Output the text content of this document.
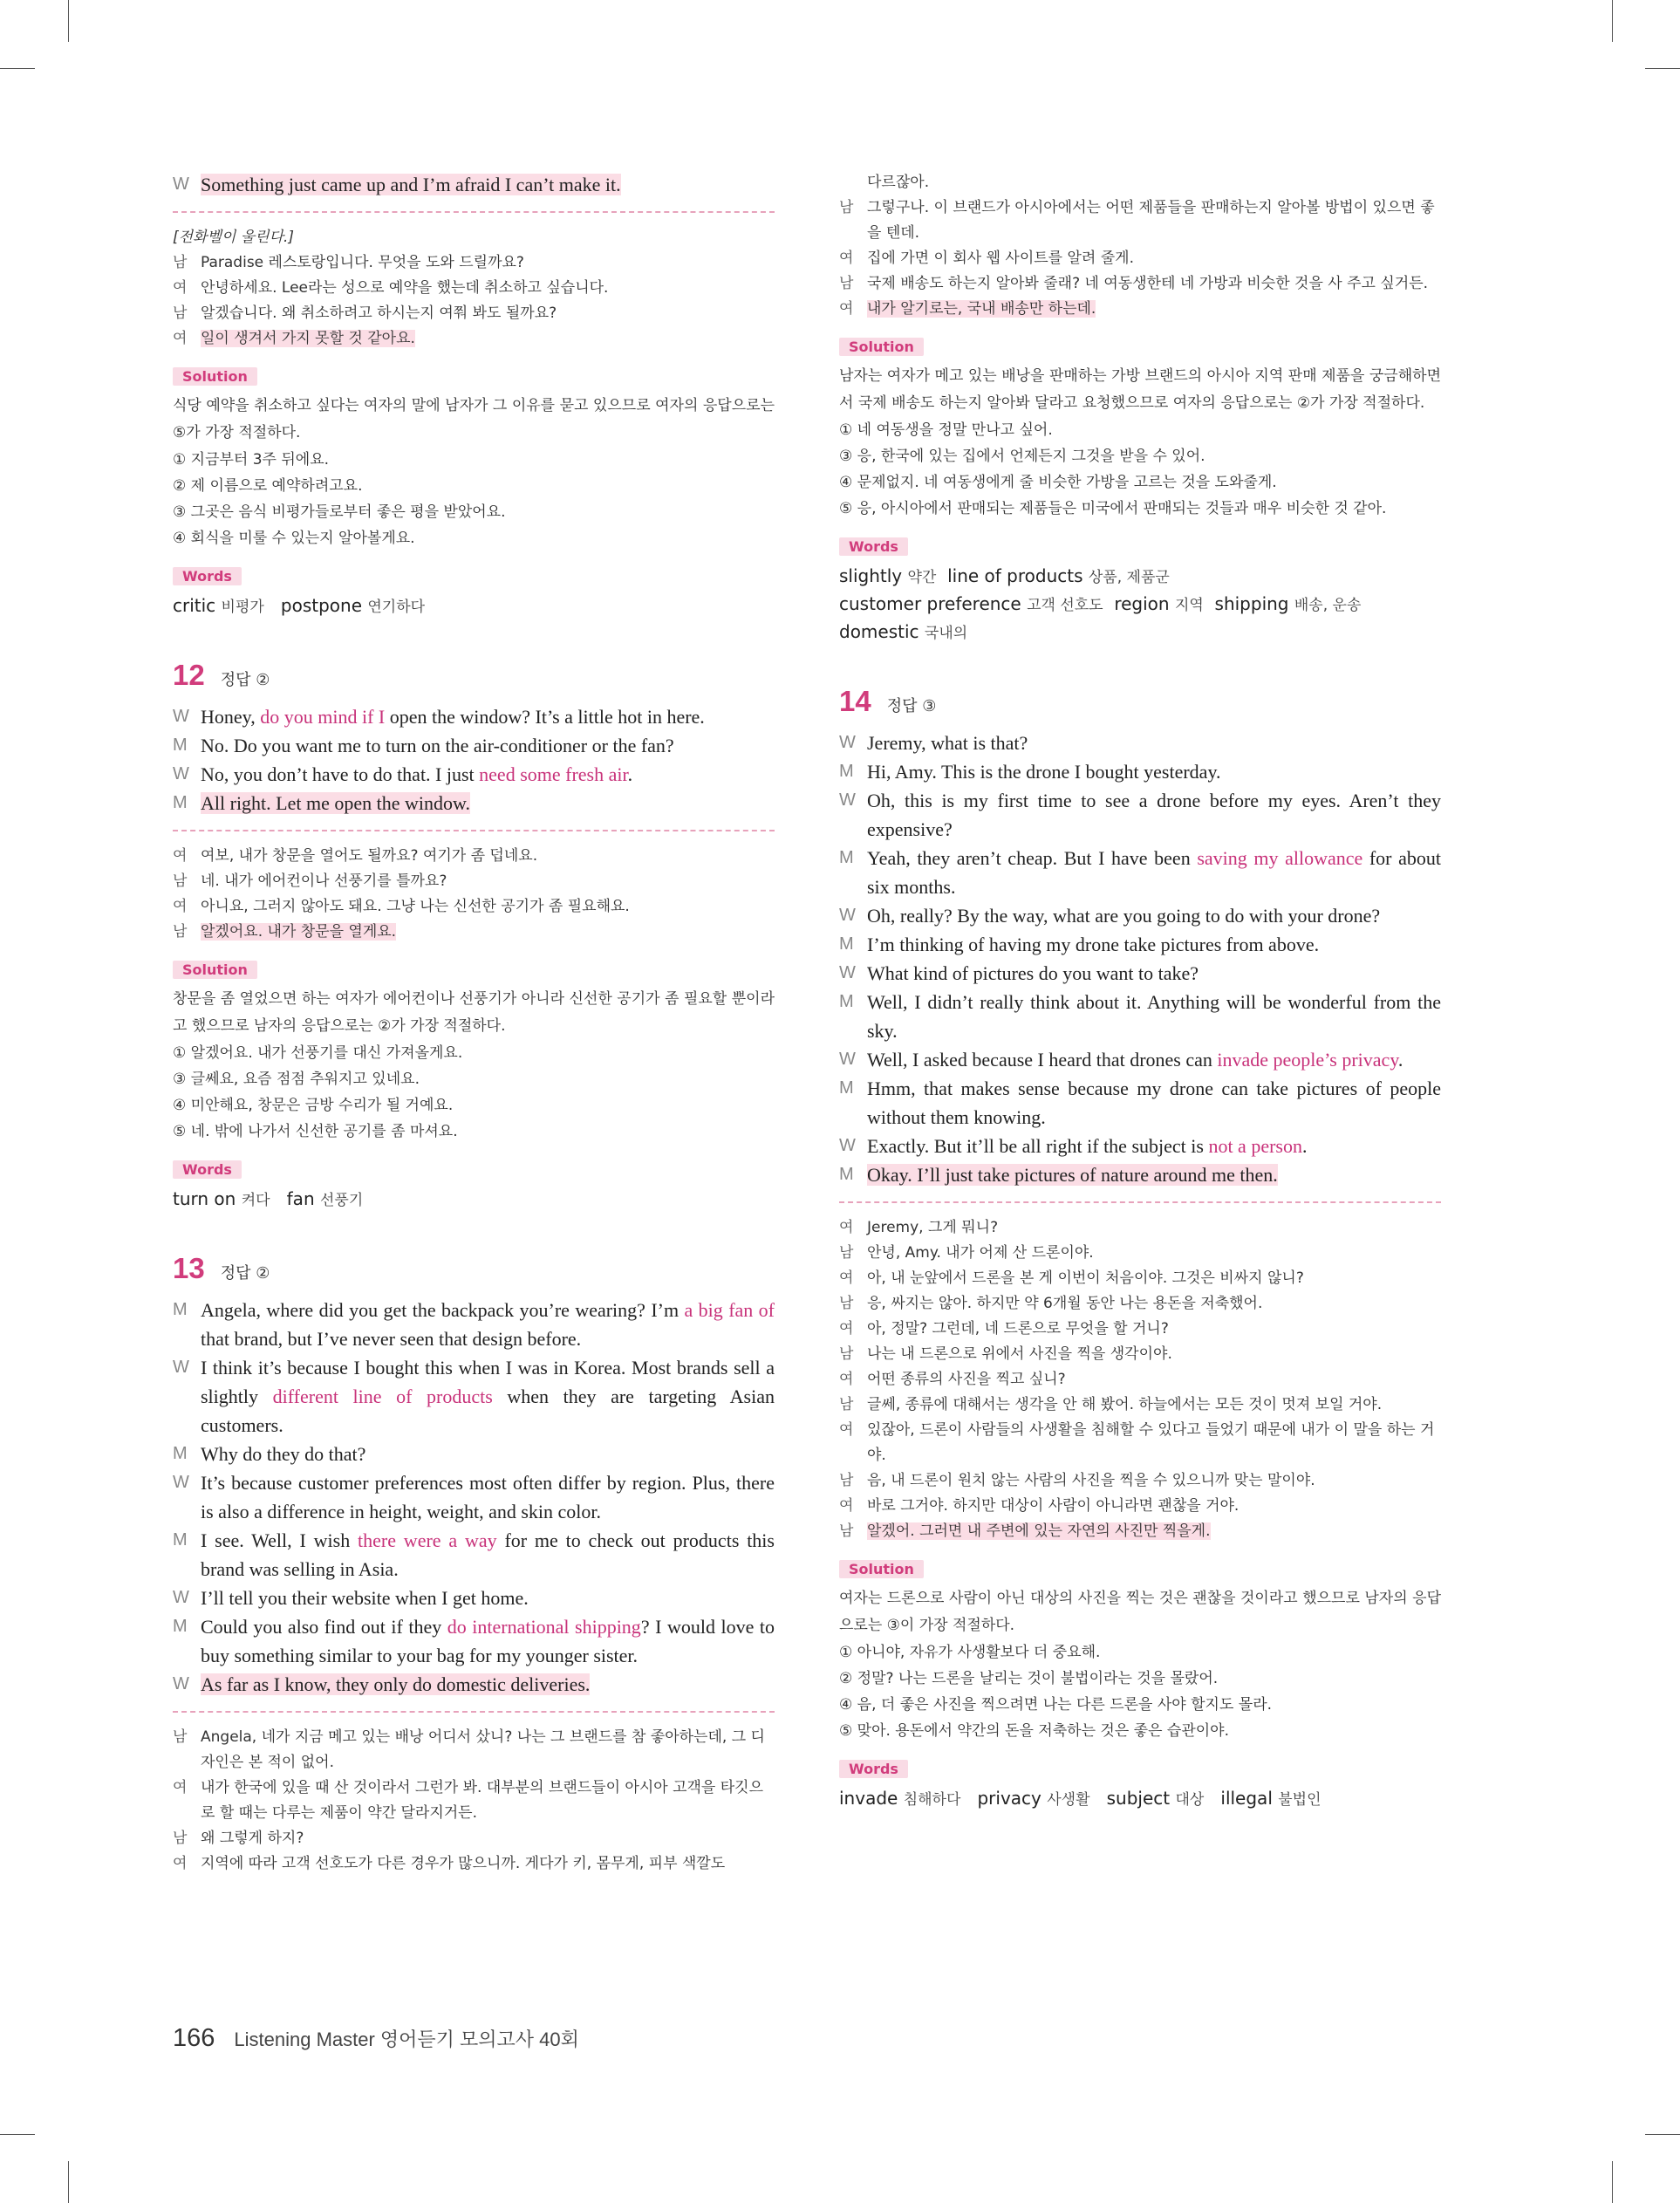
W Something just came up and I’m afraid I can’t make it.
[전화벨이 울린다.]
남 Paradise 레스토랑입니다. 무엇을 도와 드릴까요?
여 안녕하세요. Lee라는 성으로 예약을 했는데 취소하고 싶습니다.
남 알겠습니다. 왜 취소하려고 하시는지 여쭤 봐도 될까요?
여 일이 생겨서 가지 못할 것 같아요.
Solution
식당 예약을 취소하고 싶다는 여자의 말에 남자가 그 이유를 묻고 있으므로 여자의 응답으로는 ⑤가 가장 적절하다.
① 지금부터 3주 뒤에요.
② 제 이름으로 예약하려고요.
③ 그곳은 음식 비평가들로부터 좋은 평을 받았어요.
④ 회식을 미룰 수 있는지 알아볼게요.
Words
critic 비평가 postpone 연기하다
12 정답 ②
W Honey, do you mind if I open the window? It’s a little hot in here.
M No. Do you want me to turn on the air-conditioner or the fan?
W No, you don’t have to do that. I just need some fresh air.
M All right. Let me open the window.
여 여보, 내가 창문을 열어도 될까요? 여기가 좀 덥네요.
남 네. 내가 에어컨이나 선풍기를 틀까요?
여 아니요, 그러지 않아도 돼요. 그냥 나는 신선한 공기가 좀 필요해요.
남 알겠어요. 내가 창문을 열게요.
Solution
창문을 좀 열었으면 하는 여자가 에어컨이나 선풍기가 아니라 신선한 공기가 좀 필요할 뿐이라고 했으므로 남자의 응답으로는 ②가 가장 적절하다.
① 알겠어요. 내가 선풍기를 대신 가져올게요.
③ 글쎄요, 요즘 점점 추워지고 있네요.
④ 미안해요, 창문은 금방 수리가 될 거예요.
⑤ 네. 밖에 나가서 신선한 공기를 좀 마셔요.
Words
turn on 켜다 fan 선풍기
13 정답 ②
M Angela, where did you get the backpack you’re wearing? I’m a big fan of that brand, but I’ve never seen that design before.
W I think it’s because I bought this when I was in Korea. Most brands sell a slightly different line of products when they are targeting Asian customers.
M Why do they do that?
W It’s because customer preferences most often differ by region. Plus, there is also a difference in height, weight, and skin color.
M I see. Well, I wish there were a way for me to check out products this brand was selling in Asia.
W I’ll tell you their website when I get home.
M Could you also find out if they do international shipping? I would love to buy something similar to your bag for my younger sister.
W As far as I know, they only do domestic deliveries.
남 Angela, 네가 지금 메고 있는 배낭 어디서 샀니? 나는 그 브랜드를 참 좋아하는데, 그 디자인은 본 적이 없어.
여 내가 한국에 있을 때 산 것이라서 그런가 봐. 대부분의 브랜드들이 아시아 고객을 타깃으로 할 때는 다루는 제품이 약간 달라지거든.
남 왜 그렇게 하지?
여 지역에 따라 고객 선호도가 다른 경우가 많으니까. 게다가 키, 몸무게, 피부 색깔도
다르잖아.
남 그렇구나. 이 브랜드가 아시아에서는 어떤 제품들을 판매하는지 알아볼 방법이 있으면 좋을 텐데.
여 집에 가면 이 회사 웹 사이트를 알려 줄게.
남 국제 배송도 하는지 알아봐 줄래? 네 여동생한테 네 가방과 비슷한 것을 사 주고 싶거든.
여 내가 알기로는, 국내 배송만 하는데.
Solution
남자는 여자가 메고 있는 배낭을 판매하는 가방 브랜드의 아시아 지역 판매 제품을 궁금해하면서 국제 배송도 하는지 알아봐 달라고 요청했으므로 여자의 응답으로는 ②가 가장 적절하다.
① 네 여동생을 정말 만나고 싶어.
③ 응, 한국에 있는 집에서 언제든지 그것을 받을 수 있어.
④ 문제없지. 네 여동생에게 줄 비슷한 가방을 고르는 것을 도와줄게.
⑤ 응, 아시아에서 판매되는 제품들은 미국에서 판매되는 것들과 매우 비슷한 것 같아.
Words
slightly 약간 line of products 상품, 제품군
customer preference 고객 선호도 region 지역 shipping 배송, 운송
domestic 국내의
14 정답 ③
W Jeremy, what is that?
M Hi, Amy. This is the drone I bought yesterday.
W Oh, this is my first time to see a drone before my eyes. Aren’t they expensive?
M Yeah, they aren’t cheap. But I have been saving my allowance for about six months.
W Oh, really? By the way, what are you going to do with your drone?
M I’m thinking of having my drone take pictures from above.
W What kind of pictures do you want to take?
M Well, I didn’t really think about it. Anything will be wonderful from the sky.
W Well, I asked because I heard that drones can invade people’s privacy.
M Hmm, that makes sense because my drone can take pictures of people without them knowing.
W Exactly. But it’ll be all right if the subject is not a person.
M Okay. I’ll just take pictures of nature around me then.
여 Jeremy, 그게 뭐니?
남 안녕, Amy. 내가 어제 산 드론이야.
여 아, 내 눈앞에서 드론을 본 게 이번이 처음이야. 그것은 비싸지 않니?
남 응, 싸지는 않아. 하지만 약 6개월 동안 나는 용돈을 저축했어.
여 아, 정말? 그런데, 네 드론으로 무엇을 할 거니?
남 나는 내 드론으로 위에서 사진을 찍을 생각이야.
여 어떤 종류의 사진을 찍고 싶니?
남 글쎄, 종류에 대해서는 생각을 안 해 봤어. 하늘에서는 모든 것이 멋져 보일 거야.
여 있잖아, 드론이 사람들의 사생활을 침해할 수 있다고 들었기 때문에 내가 이 말을 하는 거야.
남 음, 내 드론이 원치 않는 사람의 사진을 찍을 수 있으니까 맞는 말이야.
여 바로 그거야. 하지만 대상이 사람이 아니라면 괜찮을 거야.
남 알겠어. 그러면 내 주변에 있는 자연의 사진만 찍을게.
Solution
여자는 드론으로 사람이 아닌 대상의 사진을 찍는 것은 괜찮을 것이라고 했으므로 남자의 응답으로는 ③이 가장 적절하다.
① 아니야, 자유가 사생활보다 더 중요해.
② 정말? 나는 드론을 날리는 것이 불법이라는 것을 몰랐어.
④ 음, 더 좋은 사진을 찍으려면 나는 다른 드론을 사야 할지도 몰라.
⑤ 맞아. 용돈에서 약간의 돈을 저축하는 것은 좋은 습관이야.
Words
invade 침해하다 privacy 사생활 subject 대상 illegal 불법인
166 Listening Master 영어듣기 모의고사 40회
